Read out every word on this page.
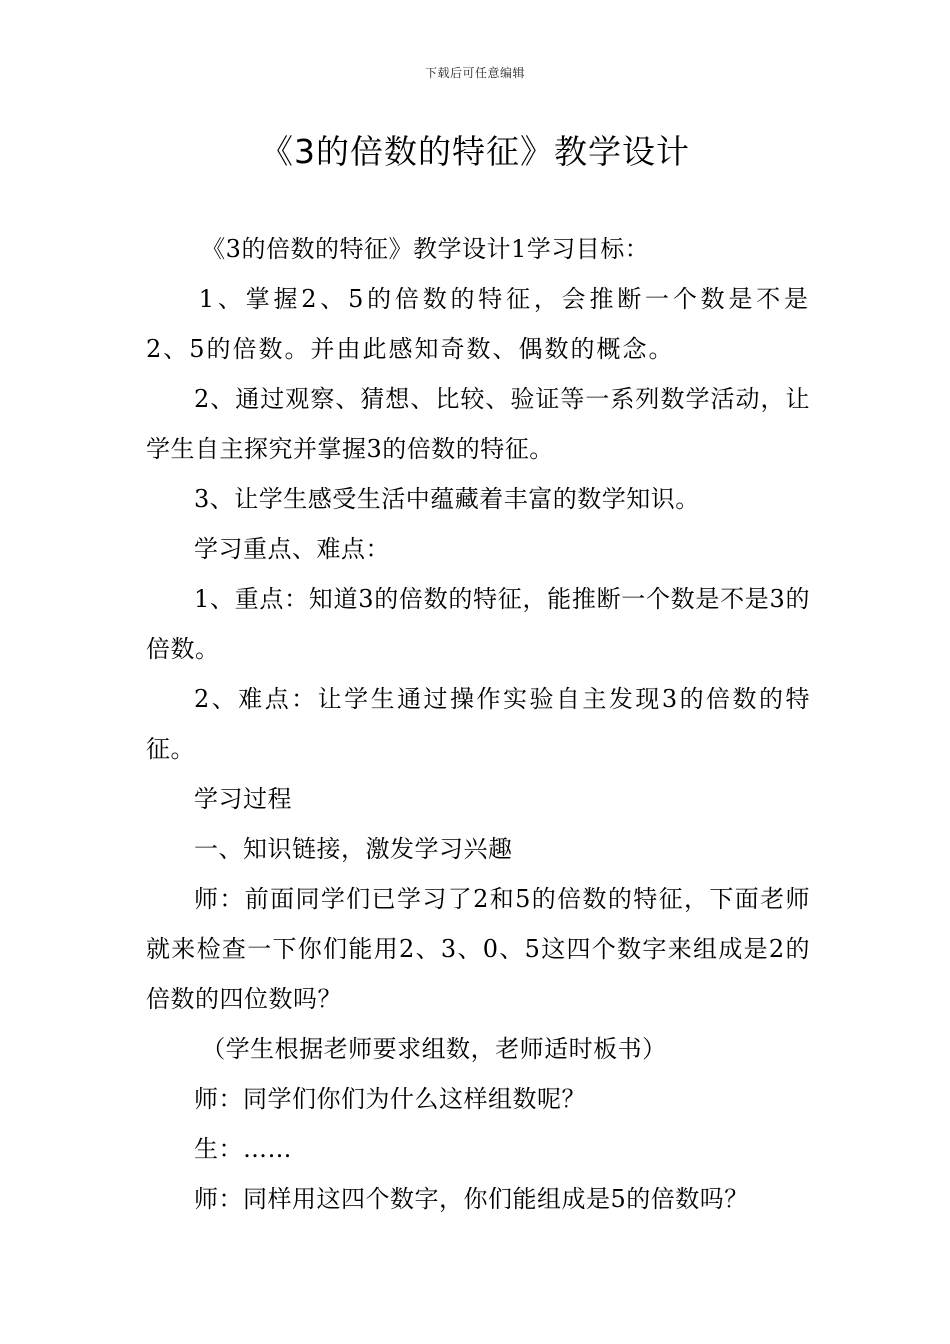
下载后可任意编辑
《3的倍数的特征》教学设计

《3的倍数的特征》教学设计1学习目标：

1、掌握2、5的倍数的特征，会推断一个数是不是2、5的倍数。并由此感知奇数、偶数的概念。

2、通过观察、猜想、比较、验证等一系列数学活动，让学生自主探究并掌握3的倍数的特征。

3、让学生感受生活中蕴藏着丰富的数学知识。

学习重点、难点：

1、重点：知道3的倍数的特征，能推断一个数是不是3的倍数。

2、难点：让学生通过操作实验自主发现3的倍数的特征。

学习过程

一、知识链接，激发学习兴趣

师：前面同学们已学习了2和5的倍数的特征，下面老师就来检查一下你们能用2、3、0、5这四个数字来组成是2的倍数的四位数吗？

（学生根据老师要求组数，老师适时板书）

师：同学们你们为什么这样组数呢？

生：……

师：同样用这四个数字，你们能组成是5的倍数吗？
